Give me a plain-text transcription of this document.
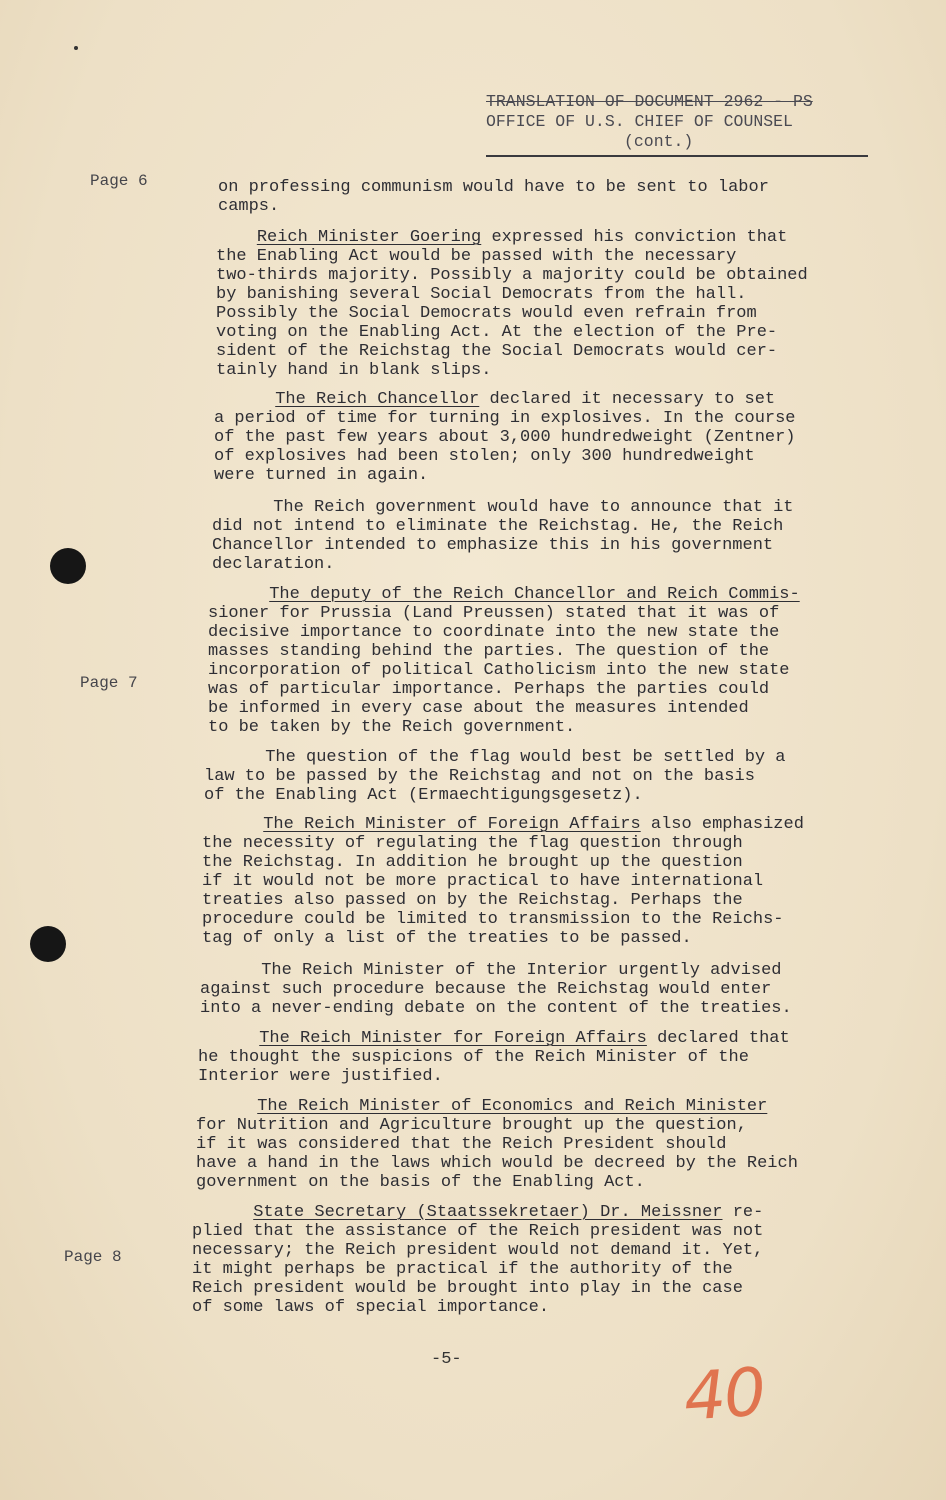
TRANSLATION OF DOCUMENT 2962 - PS
OFFICE OF U.S. CHIEF OF COUNSEL
(cont.)
Page 6
Page 7
Page 8
on professing communism would have to be sent to labor
camps.
Reich Minister Goering expressed his conviction that
the Enabling Act would be passed with the necessary
two-thirds majority. Possibly a majority could be obtained
by banishing several Social Democrats from the hall.
Possibly the Social Democrats would even refrain from
voting on the Enabling Act. At the election of the Pre-
sident of the Reichstag the Social Democrats would cer-
tainly hand in blank slips.
The Reich Chancellor declared it necessary to set
a period of time for turning in explosives. In the course
of the past few years about 3,000 hundredweight (Zentner)
of explosives had been stolen; only 300 hundredweight
were turned in again.
The Reich government would have to announce that it
did not intend to eliminate the Reichstag. He, the Reich
Chancellor intended to emphasize this in his government
declaration.
The deputy of the Reich Chancellor and Reich Commis-
sioner for Prussia (Land Preussen) stated that it was of
decisive importance to coordinate into the new state the
masses standing behind the parties. The question of the
incorporation of political Catholicism into the new state
was of particular importance. Perhaps the parties could
be informed in every case about the measures intended
to be taken by the Reich government.
The question of the flag would best be settled by a
law to be passed by the Reichstag and not on the basis
of the Enabling Act (Ermaechtigungsgesetz).
The Reich Minister of Foreign Affairs also emphasized
the necessity of regulating the flag question through
the Reichstag. In addition he brought up the question
if it would not be more practical to have international
treaties also passed on by the Reichstag. Perhaps the
procedure could be limited to transmission to the Reichs-
tag of only a list of the treaties to be passed.
The Reich Minister of the Interior urgently advised
against such procedure because the Reichstag would enter
into a never-ending debate on the content of the treaties.
The Reich Minister for Foreign Affairs declared that
he thought the suspicions of the Reich Minister of the
Interior were justified.
The Reich Minister of Economics and Reich Minister
for Nutrition and Agriculture brought up the question,
if it was considered that the Reich President should
have a hand in the laws which would be decreed by the Reich
government on the basis of the Enabling Act.
State Secretary (Staatssekretaer) Dr. Meissner re-
plied that the assistance of the Reich president was not
necessary; the Reich president would not demand it. Yet,
it might perhaps be practical if the authority of the
Reich president would be brought into play in the case
of some laws of special importance.
-5-	40
